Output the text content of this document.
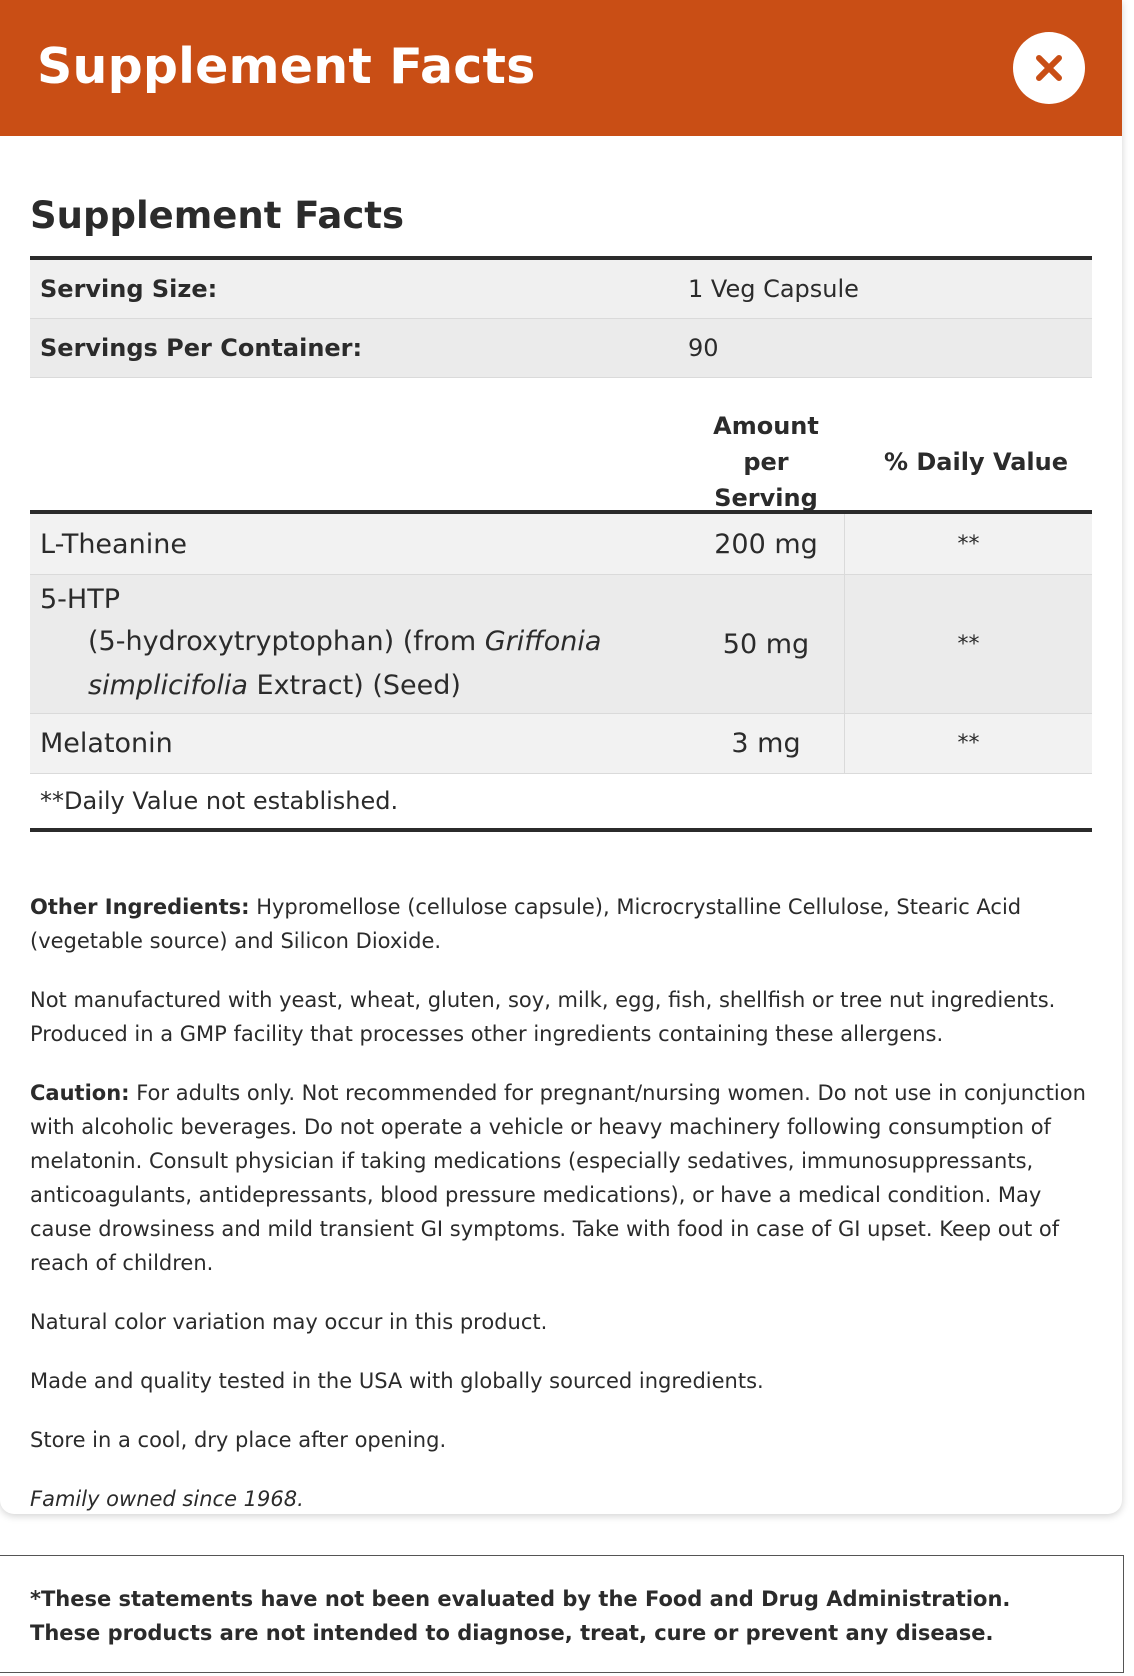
Supplement Facts
Supplement Facts
Serving Size:	1 Veg Capsule
Servings Per Container:	90
Amount per
Serving
% Daily Value
L-Theanine	200 mg	**
5-HTP
(5-hydroxytryptophan) (from Griffonia
simplicifolia Extract) (Seed)
50 mg	**
Melatonin	3 mg	**
**Daily Value not established.

Other Ingredients: Hypromellose (cellulose capsule), Microcrystalline Cellulose, Stearic Acid (vegetable source) and Silicon Dioxide.

Not manufactured with yeast, wheat, gluten, soy, milk, egg, fish, shellfish or tree nut ingredients. Produced in a GMP facility that processes other ingredients containing these allergens.

Caution: For adults only. Not recommended for pregnant/nursing women. Do not use in conjunction with alcoholic beverages. Do not operate a vehicle or heavy machinery following consumption of melatonin. Consult physician if taking medications (especially sedatives, immunosuppressants, anticoagulants, antidepressants, blood pressure medications), or have a medical condition. May cause drowsiness and mild transient GI symptoms. Take with food in case of GI upset. Keep out of reach of children.

Natural color variation may occur in this product.

Made and quality tested in the USA with globally sourced ingredients.

Store in a cool, dry place after opening.

Family owned since 1968.

*These statements have not been evaluated by the Food and Drug Administration. These products are not intended to diagnose, treat, cure or prevent any disease.
